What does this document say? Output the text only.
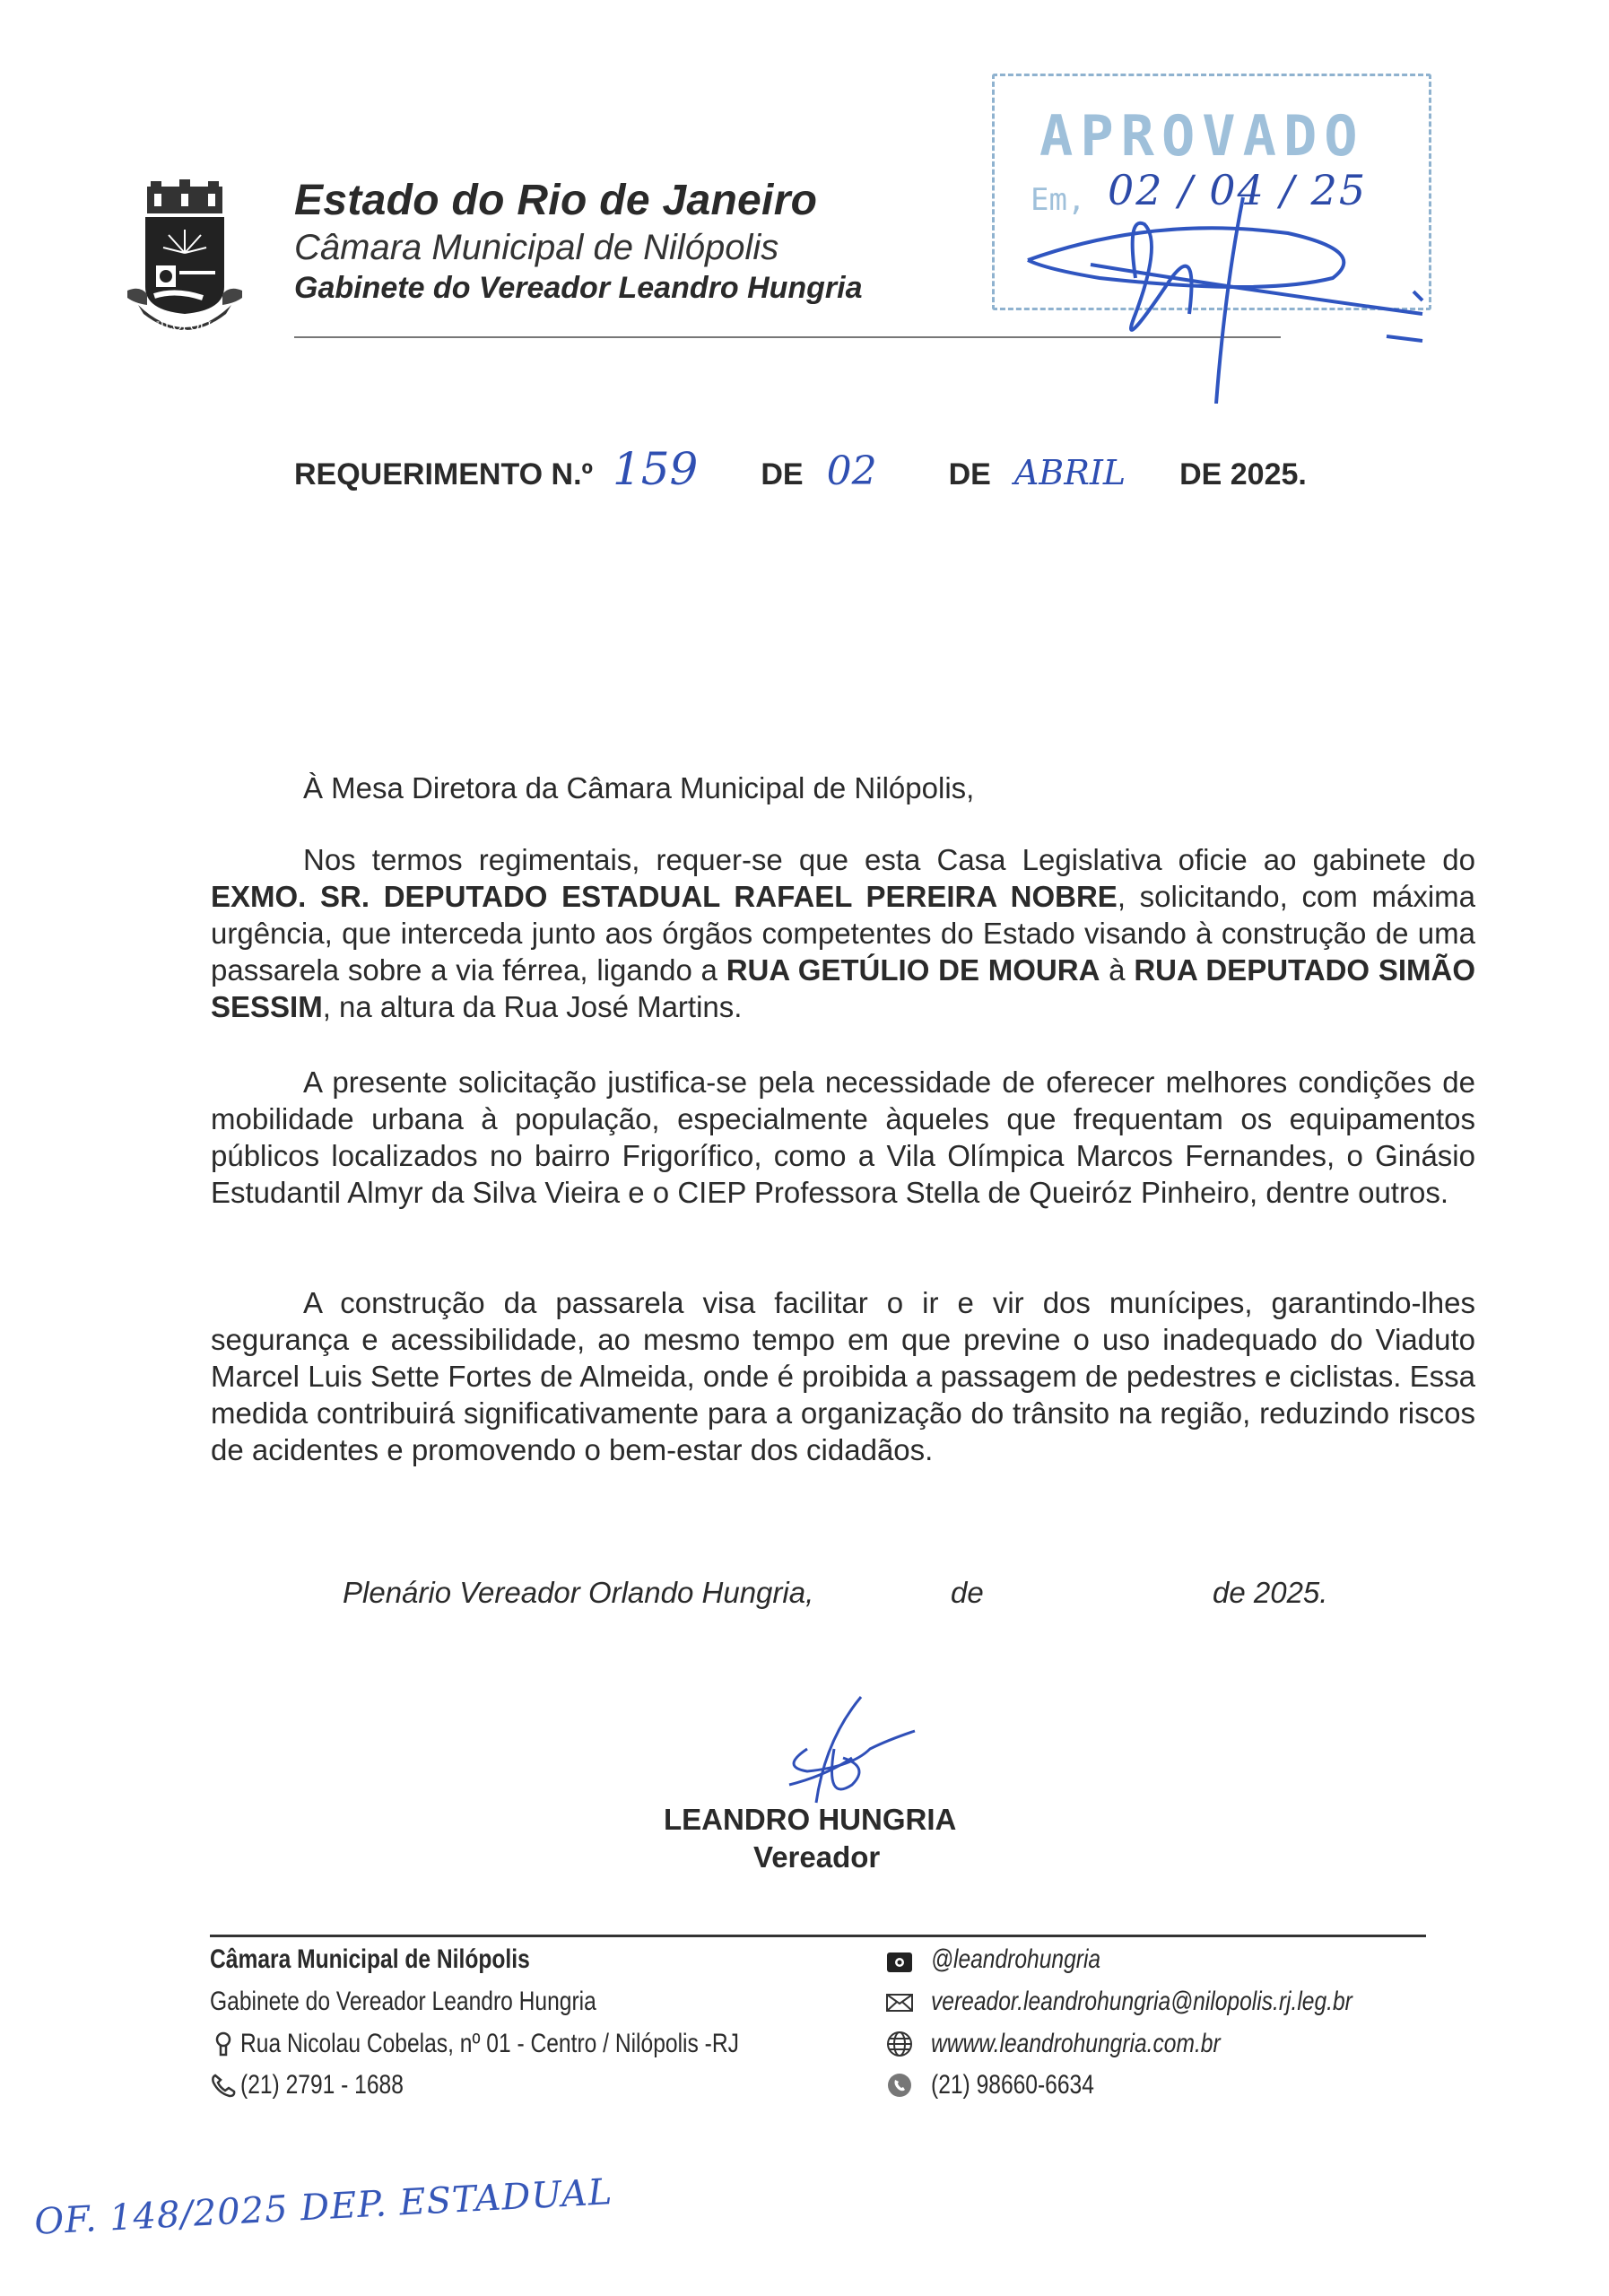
NILOPOLIS
Estado do Rio de Janeiro
Câmara Municipal de Nilópolis
Gabinete do Vereador Leandro Hungria
APROVADO
Em, 02 / 04 / 25
REQUERIMENTO N.º 159 DE 02 DE ABRIL DE 2025.
À Mesa Diretora da Câmara Municipal de Nilópolis,

Nos termos regimentais, requer-se que esta Casa Legislativa oficie ao gabinete do EXMO. SR. DEPUTADO ESTADUAL RAFAEL PEREIRA NOBRE, solicitando, com máxima urgência, que interceda junto aos órgãos competentes do Estado visando à construção de uma passarela sobre a via férrea, ligando a RUA GETÚLIO DE MOURA à RUA DEPUTADO SIMÃO SESSIM, na altura da Rua José Martins.

A presente solicitação justifica-se pela necessidade de oferecer melhores condições de mobilidade urbana à população, especialmente àqueles que frequentam os equipamentos públicos localizados no bairro Frigorífico, como a Vila Olímpica Marcos Fernandes, o Ginásio Estudantil Almyr da Silva Vieira e o CIEP Professora Stella de Queiróz Pinheiro, dentre outros.

A construção da passarela visa facilitar o ir e vir dos munícipes, garantindo-lhes segurança e acessibilidade, ao mesmo tempo em que previne o uso inadequado do Viaduto Marcel Luis Sette Fortes de Almeida, onde é proibida a passagem de pedestres e ciclistas. Essa medida contribuirá significativamente para a organização do trânsito na região, reduzindo riscos de acidentes e promovendo o bem-estar dos cidadãos.

Plenário Vereador Orlando Hungria,	de	de 2025.
LEANDRO HUNGRIA
Vereador
Câmara Municipal de Nilópolis
Gabinete do Vereador Leandro Hungria
Rua Nicolau Cobelas, nº 01 - Centro / Nilópolis -RJ
(21) 2791 - 1688
@leandrohungria
vereador.leandrohungria@nilopolis.rj.leg.br
wwww.leandrohungria.com.br
(21) 98660-6634
OF. 148/2025 DEP. ESTADUAL
